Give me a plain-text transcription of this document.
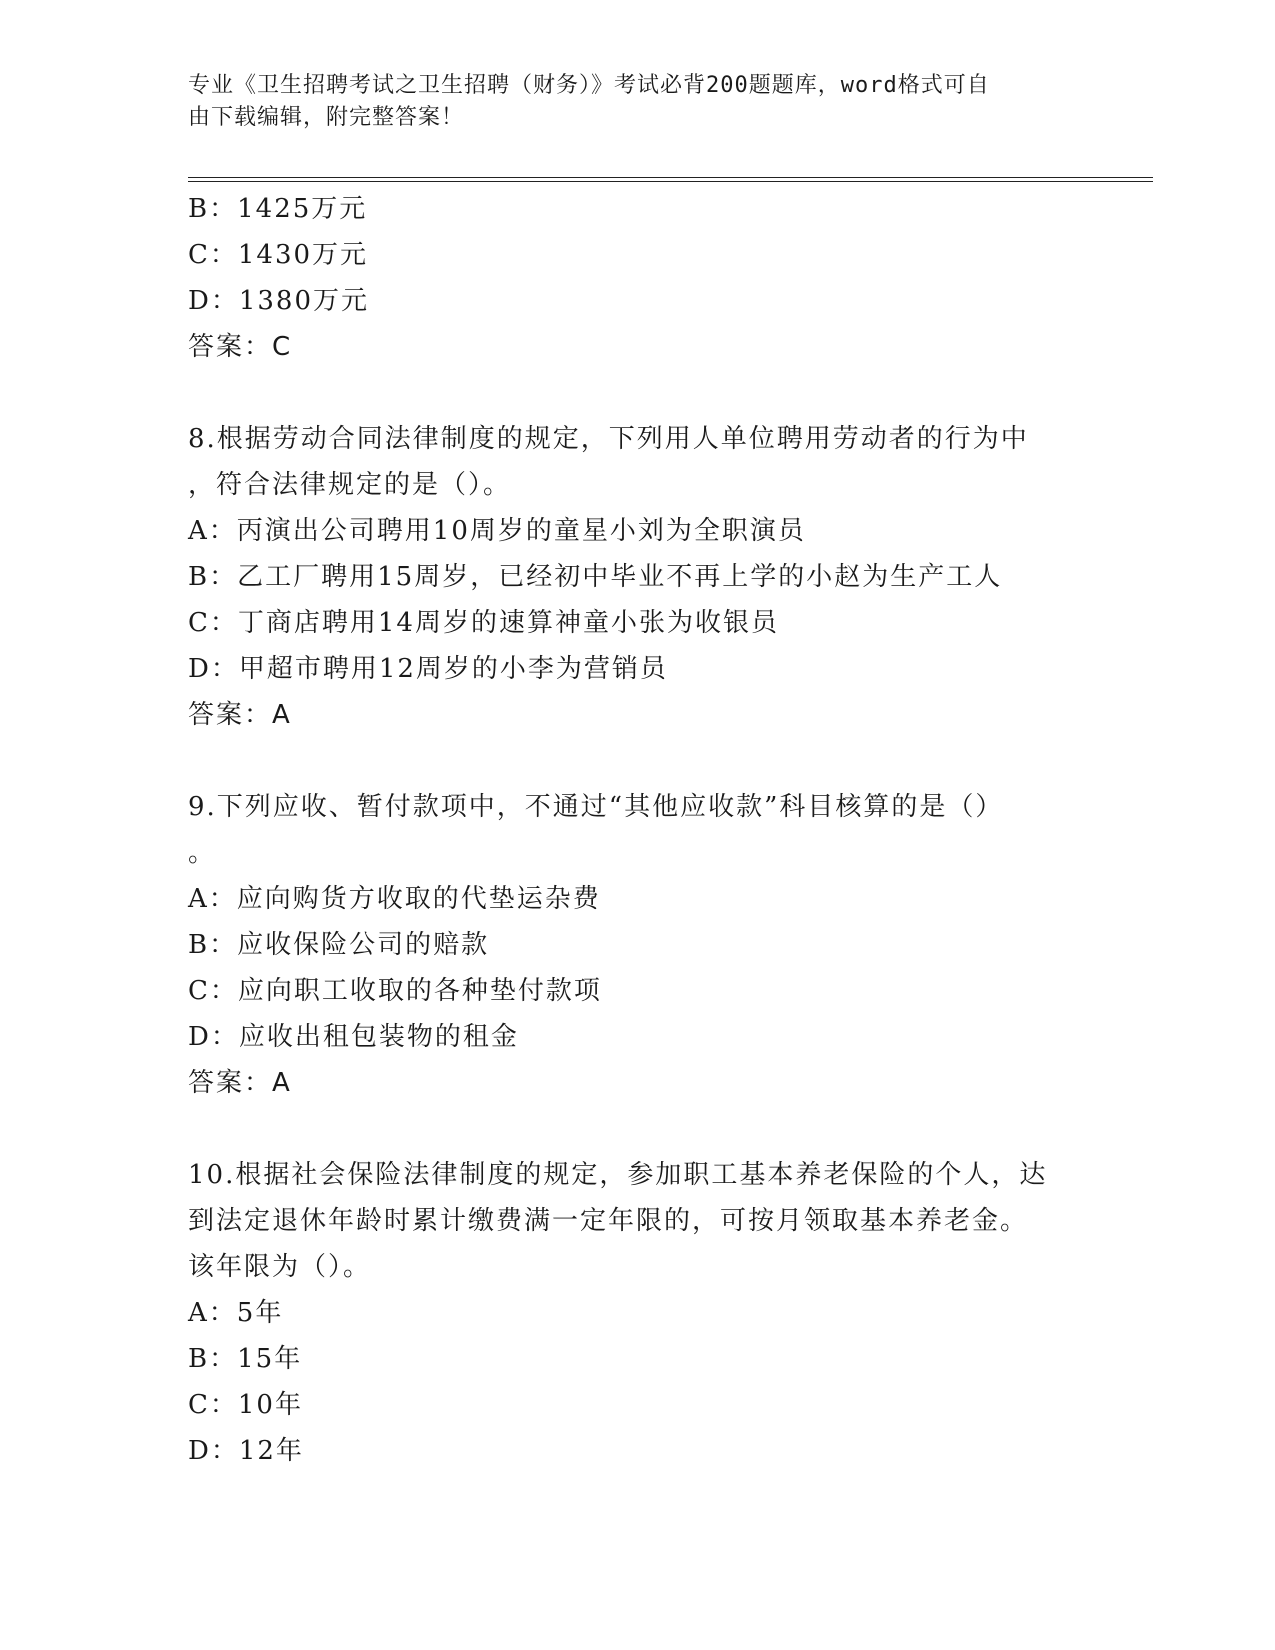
专业《卫生招聘考试之卫生招聘（财务）》考试必背200题题库，word格式可自
由下载编辑，附完整答案！
B：1425万元
C：1430万元
D：1380万元
答案：C
8.根据劳动合同法律制度的规定，下列用人单位聘用劳动者的行为中
，符合法律规定的是（）。
A：丙演出公司聘用10周岁的童星小刘为全职演员
B：乙工厂聘用15周岁，已经初中毕业不再上学的小赵为生产工人
C：丁商店聘用14周岁的速算神童小张为收银员
D：甲超市聘用12周岁的小李为营销员
答案：A
9.下列应收、暂付款项中，不通过“其他应收款”科目核算的是（）
。
A：应向购货方收取的代垫运杂费
B：应收保险公司的赔款
C：应向职工收取的各种垫付款项
D：应收出租包装物的租金
答案：A
10.根据社会保险法律制度的规定，参加职工基本养老保险的个人，达
到法定退休年龄时累计缴费满一定年限的，可按月领取基本养老金。
该年限为（）。
A：5年
B：15年
C：10年
D：12年
